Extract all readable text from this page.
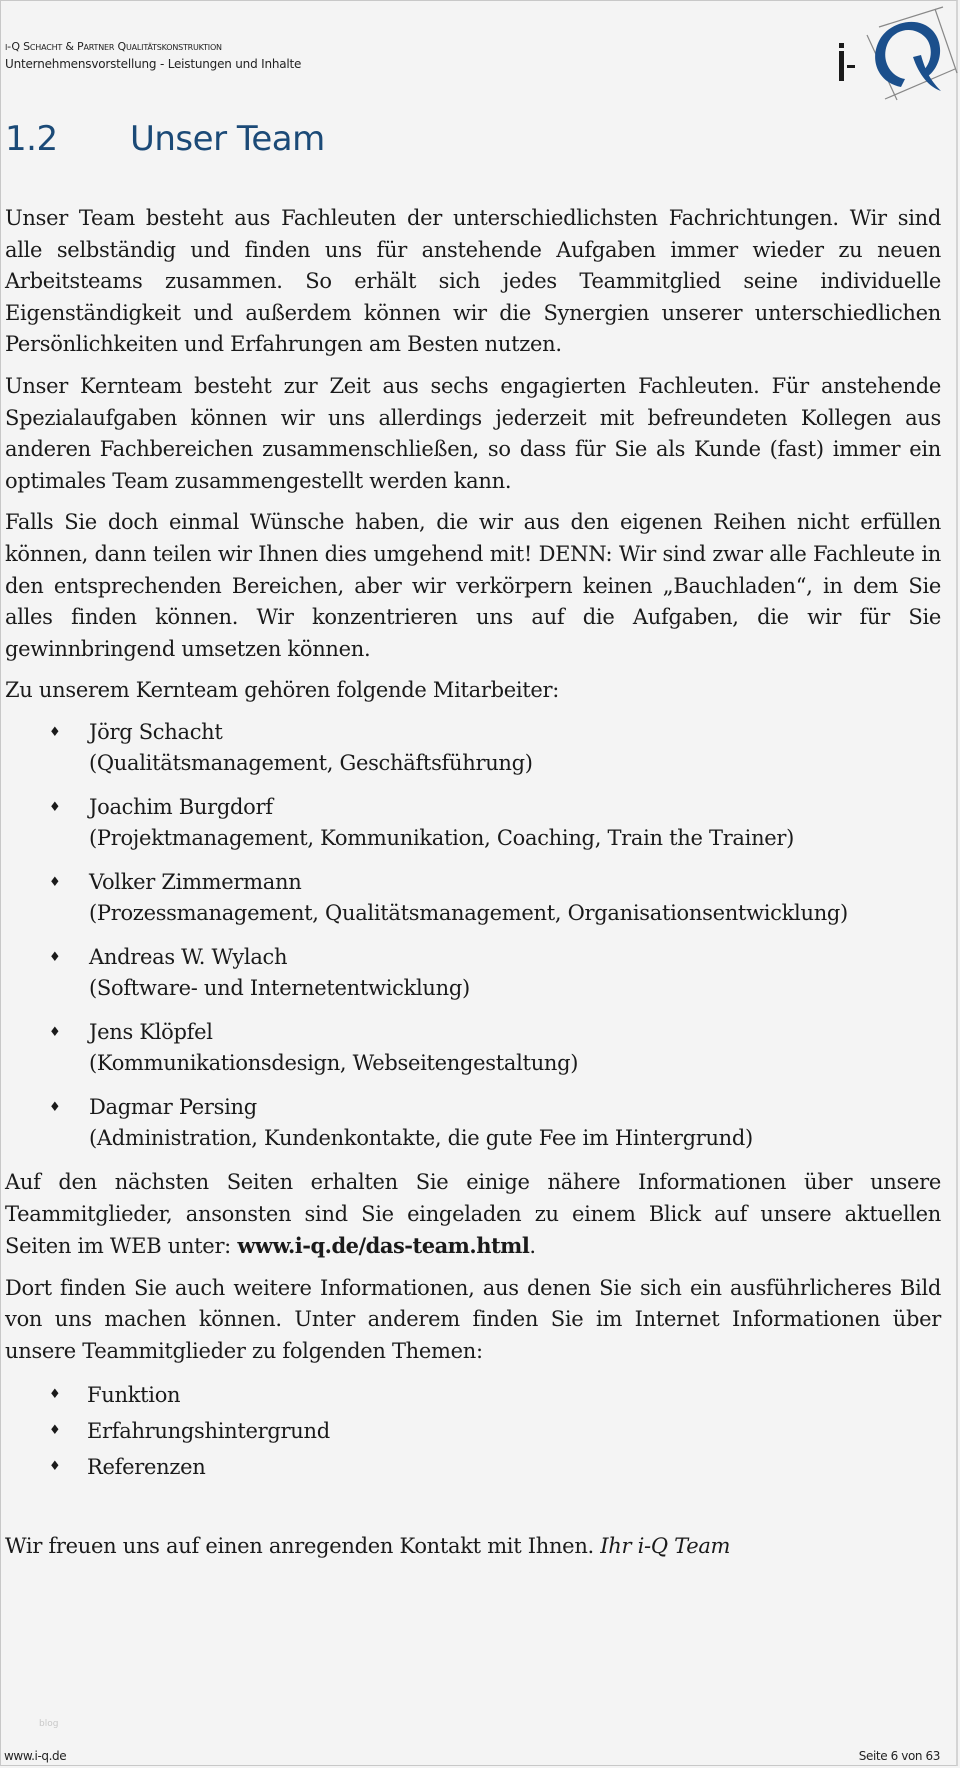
i-Q Schacht & Partner Qualitätskonstruktion
Unternehmensvorstellung - Leistungen und Inhalte
1.2 Unser Team

Unser Team besteht aus Fachleuten der unterschiedlichsten Fachrichtungen. Wir sind alle selbständig und finden uns für anstehende Aufgaben immer wieder zu neuen Arbeitsteams zusammen. So erhält sich jedes Teammitglied seine individuelle Eigenständigkeit und außerdem können wir die Synergien unserer unterschiedlichen Persönlichkeiten und Erfahrungen am Besten nutzen.

Unser Kernteam besteht zur Zeit aus sechs engagierten Fachleuten. Für anstehende Spezialaufgaben können wir uns allerdings jederzeit mit befreundeten Kollegen aus anderen Fachbereichen zusammenschließen, so dass für Sie als Kunde (fast) immer ein optimales Team zusammengestellt werden kann.

Falls Sie doch einmal Wünsche haben, die wir aus den eigenen Reihen nicht erfüllen können, dann teilen wir Ihnen dies umgehend mit! DENN: Wir sind zwar alle Fachleute in den entsprechenden Bereichen, aber wir verkörpern keinen „Bauchladen“, in dem Sie alles finden können. Wir konzentrieren uns auf die Aufgaben, die wir für Sie gewinnbringend umsetzen können.

Zu unserem Kernteam gehören folgende Mitarbeiter:

♦ Jörg Schacht
(Qualitätsmanagement, Geschäftsführung)
♦ Joachim Burgdorf
(Projektmanagement, Kommunikation, Coaching, Train the Trainer)
♦ Volker Zimmermann
(Prozessmanagement, Qualitätsmanagement, Organisationsentwicklung)
♦ Andreas W. Wylach
(Software- und Internetentwicklung)
♦ Jens Klöpfel
(Kommunikationsdesign, Webseitengestaltung)
♦ Dagmar Persing
(Administration, Kundenkontakte, die gute Fee im Hintergrund)

Auf den nächsten Seiten erhalten Sie einige nähere Informationen über unsere Teammitglieder, ansonsten sind Sie eingeladen zu einem Blick auf unsere aktuellen Seiten im WEB unter: www.i-q.de/das-team.html.

Dort finden Sie auch weitere Informationen, aus denen Sie sich ein ausführlicheres Bild von uns machen können. Unter anderem finden Sie im Internet Informationen über unsere Teammitglieder zu folgenden Themen:

♦ Funktion
♦ Erfahrungshintergrund
♦ Referenzen

Wir freuen uns auf einen anregenden Kontakt mit Ihnen. Ihr i-Q Team

blog
www.i-q.de	Seite 6 von 63
